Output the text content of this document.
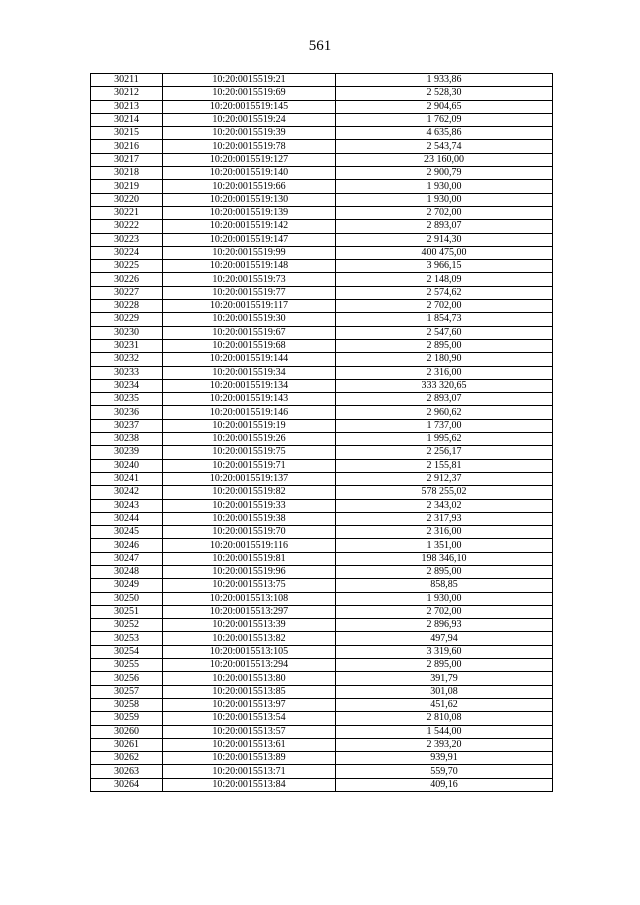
561
30211	10:20:0015519:21	1 933,86
30212	10:20:0015519:69	2 528,30
30213	10:20:0015519:145	2 904,65
30214	10:20:0015519:24	1 762,09
30215	10:20:0015519:39	4 635,86
30216	10:20:0015519:78	2 543,74
30217	10:20:0015519:127	23 160,00
30218	10:20:0015519:140	2 900,79
30219	10:20:0015519:66	1 930,00
30220	10:20:0015519:130	1 930,00
30221	10:20:0015519:139	2 702,00
30222	10:20:0015519:142	2 893,07
30223	10:20:0015519:147	2 914,30
30224	10:20:0015519:99	400 475,00
30225	10:20:0015519:148	3 966,15
30226	10:20:0015519:73	2 148,09
30227	10:20:0015519:77	2 574,62
30228	10:20:0015519:117	2 702,00
30229	10:20:0015519:30	1 854,73
30230	10:20:0015519:67	2 547,60
30231	10:20:0015519:68	2 895,00
30232	10:20:0015519:144	2 180,90
30233	10:20:0015519:34	2 316,00
30234	10:20:0015519:134	333 320,65
30235	10:20:0015519:143	2 893,07
30236	10:20:0015519:146	2 960,62
30237	10:20:0015519:19	1 737,00
30238	10:20:0015519:26	1 995,62
30239	10:20:0015519:75	2 256,17
30240	10:20:0015519:71	2 155,81
30241	10:20:0015519:137	2 912,37
30242	10:20:0015519:82	578 255,02
30243	10:20:0015519:33	2 343,02
30244	10:20:0015519:38	2 317,93
30245	10:20:0015519:70	2 316,00
30246	10:20:0015519:116	1 351,00
30247	10:20:0015519:81	198 346,10
30248	10:20:0015519:96	2 895,00
30249	10:20:0015513:75	858,85
30250	10:20:0015513:108	1 930,00
30251	10:20:0015513:297	2 702,00
30252	10:20:0015513:39	2 896,93
30253	10:20:0015513:82	497,94
30254	10:20:0015513:105	3 319,60
30255	10:20:0015513:294	2 895,00
30256	10:20:0015513:80	391,79
30257	10:20:0015513:85	301,08
30258	10:20:0015513:97	451,62
30259	10:20:0015513:54	2 810,08
30260	10:20:0015513:57	1 544,00
30261	10:20:0015513:61	2 393,20
30262	10:20:0015513:89	939,91
30263	10:20:0015513:71	559,70
30264	10:20:0015513:84	409,16
